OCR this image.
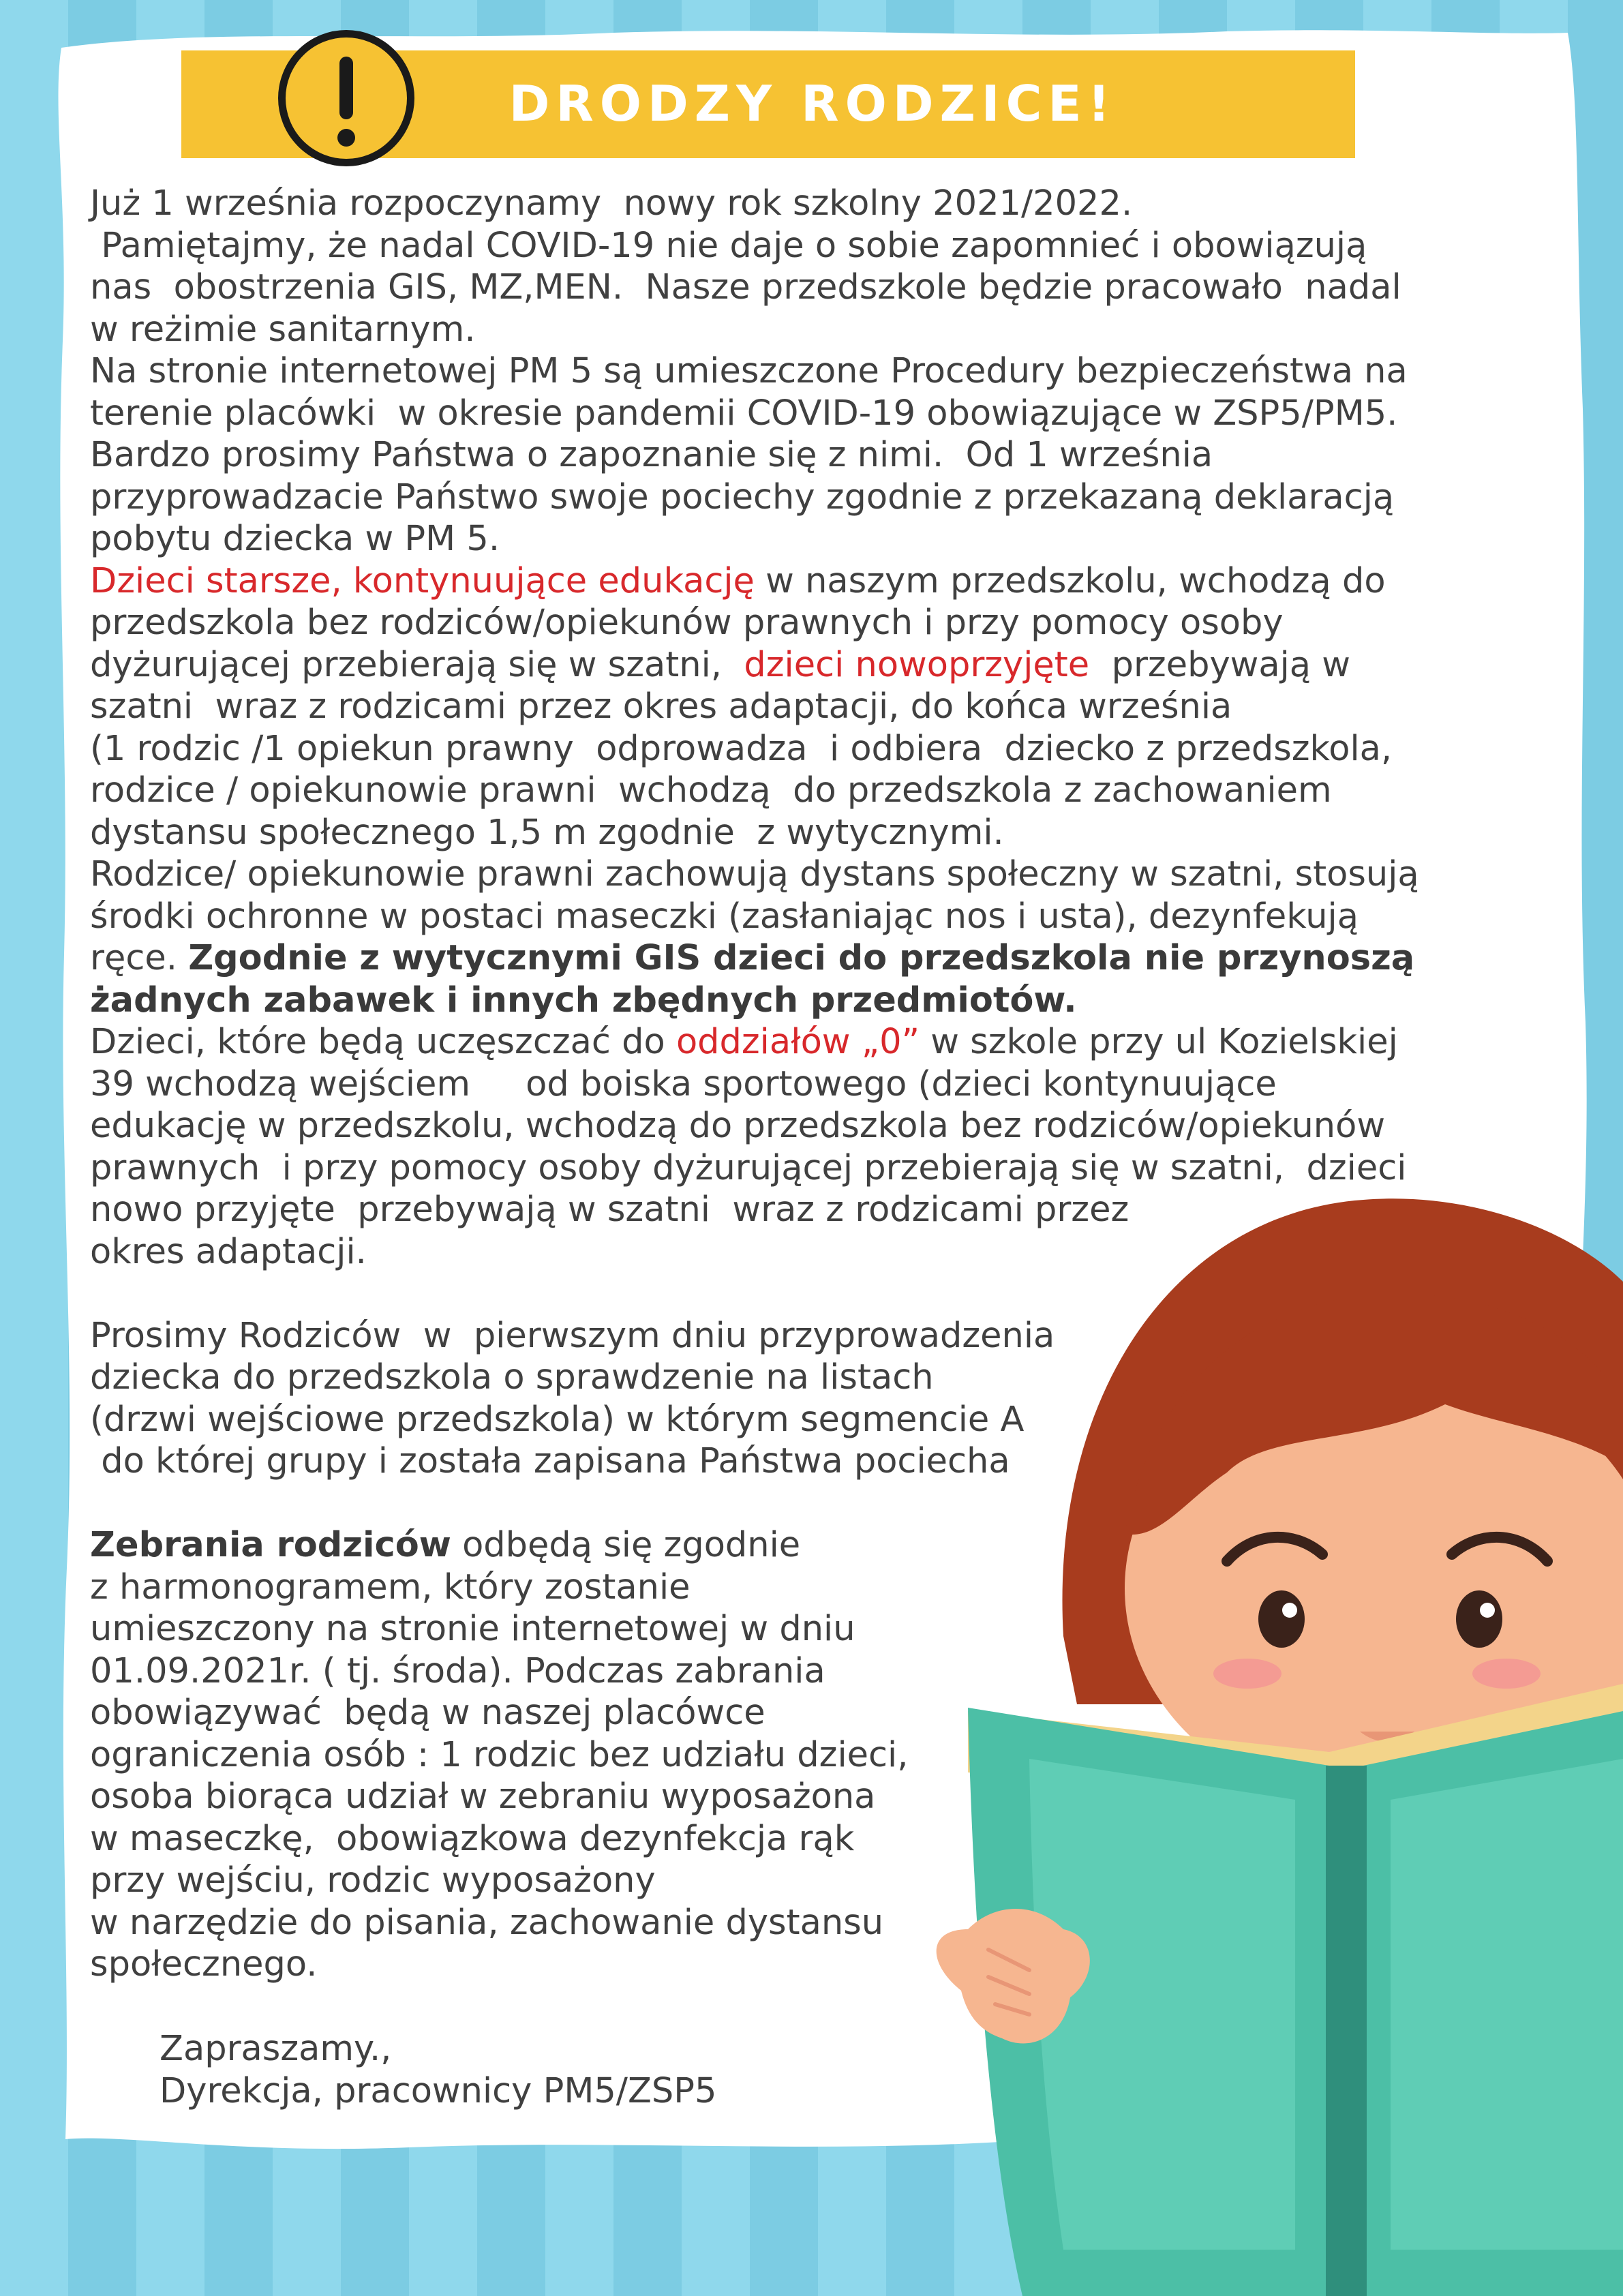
DRODZY RODZICE!
Już 1 września rozpoczynamy  nowy rok szkolny 2021/2022.
Pamiętajmy, że nadal COVID-19 nie daje o sobie zapomnieć i obowiązują
nas  obostrzenia GIS, MZ,MEN.  Nasze przedszkole będzie pracowało  nadal
w reżimie sanitarnym.
Na stronie internetowej PM 5 są umieszczone Procedury bezpieczeństwa na
terenie placówki  w okresie pandemii COVID-19 obowiązujące w ZSP5/PM5.
Bardzo prosimy Państwa o zapoznanie się z nimi.  Od 1 września
przyprowadzacie Państwo swoje pociechy zgodnie z przekazaną deklaracją
pobytu dziecka w PM 5.
Dzieci starsze, kontynuujące edukację w naszym przedszkolu, wchodzą do
przedszkola bez rodziców/opiekunów prawnych i przy pomocy osoby
dyżurującej przebierają się w szatni,  dzieci nowoprzyjęte  przebywają w
szatni  wraz z rodzicami przez okres adaptacji, do końca września
(1 rodzic /1 opiekun prawny  odprowadza  i odbiera  dziecko z przedszkola,
rodzice / opiekunowie prawni  wchodzą  do przedszkola z zachowaniem
dystansu społecznego 1,5 m zgodnie  z wytycznymi.
Rodzice/ opiekunowie prawni zachowują dystans społeczny w szatni, stosują
środki ochronne w postaci maseczki (zasłaniając nos i usta), dezynfekują
ręce. Zgodnie z wytycznymi GIS dzieci do przedszkola nie przynoszą
żadnych zabawek i innych zbędnych przedmiotów.
Dzieci, które będą uczęszczać do oddziałów „0” w szkole przy ul Kozielskiej
39 wchodzą wejściem     od boiska sportowego (dzieci kontynuujące
edukację w przedszkolu, wchodzą do przedszkola bez rodziców/opiekunów
prawnych  i przy pomocy osoby dyżurującej przebierają się w szatni,  dzieci
nowo przyjęte  przebywają w szatni  wraz z rodzicami przez
okres adaptacji.
Prosimy Rodziców  w  pierwszym dniu przyprowadzenia
dziecka do przedszkola o sprawdzenie na listach
(drzwi wejściowe przedszkola) w którym segmencie A
do której grupy i została zapisana Państwa pociecha
Zebrania rodziców odbędą się zgodnie
z harmonogramem, który zostanie
umieszczony na stronie internetowej w dniu
01.09.2021r. ( tj. środa). Podczas zabrania
obowiązywać  będą w naszej placówce
ograniczenia osób : 1 rodzic bez udziału dzieci,
osoba biorąca udział w zebraniu wyposażona
w maseczkę,  obowiązkowa dezynfekcja rąk
przy wejściu, rodzic wyposażony
w narzędzie do pisania, zachowanie dystansu
społecznego.
Zapraszamy.,
Dyrekcja, pracownicy PM5/ZSP5
